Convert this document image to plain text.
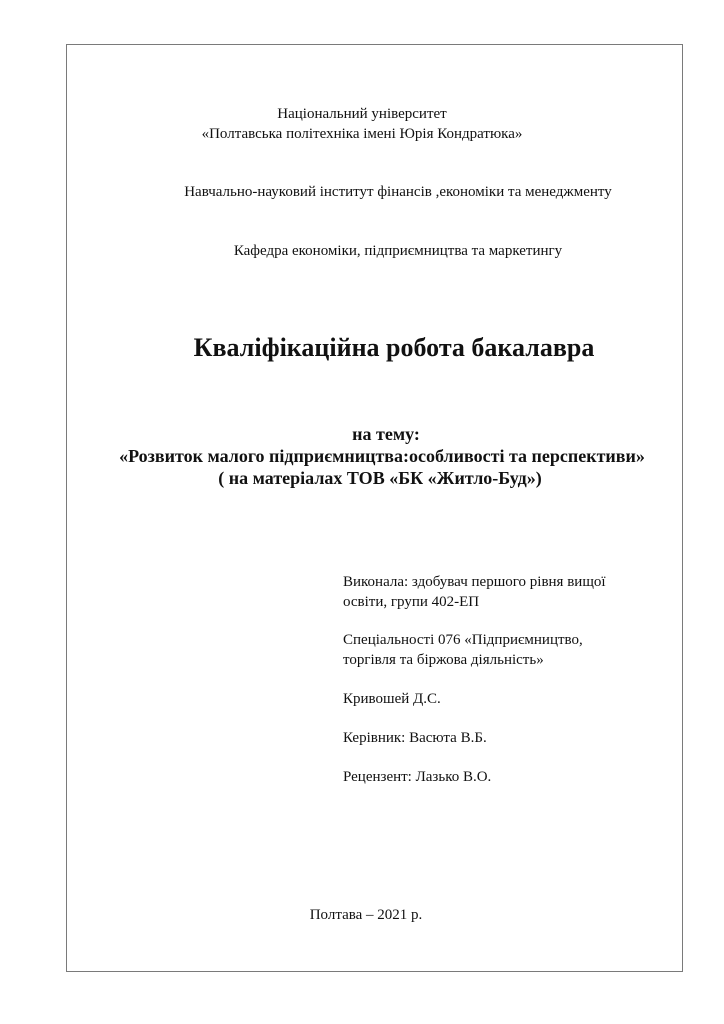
Національний університет
«Полтавська політехніка імені Юрія Кондратюка»
Навчально-науковий інститут фінансів ,економіки та менеджменту
Кафедра економіки, підприємництва та маркетингу
Кваліфікаційна робота бакалавра
на тему:
«Розвиток малого підприємництва:особливості та перспективи»
( на матеріалах ТОВ «БК «Житло-Буд»)
Виконала: здобувач першого рівня вищої
освіти, групи 402-ЕП
Спеціальності 076 «Підприємництво,
торгівля та біржова діяльність»
Кривошей Д.С.
Керівник: Васюта В.Б.
Рецензент: Лазько В.О.
Полтава – 2021 р.
